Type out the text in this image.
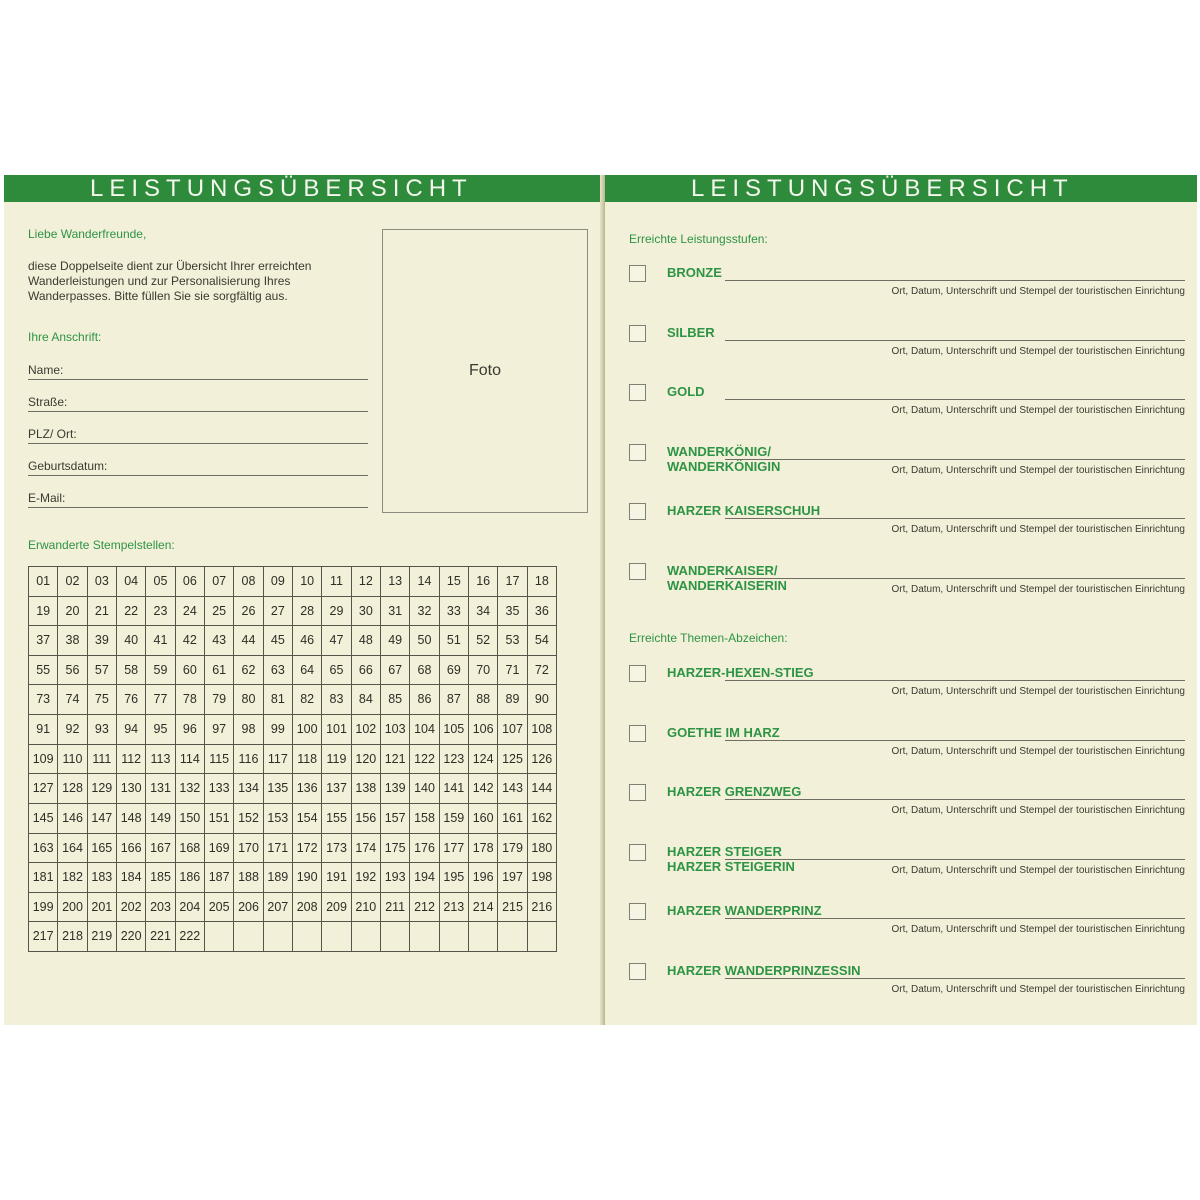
LEISTUNGSÜBERSICHT
Liebe Wanderfreunde,
diese Doppelseite dient zur Übersicht Ihrer erreichten
Wanderleistungen und zur Personalisierung Ihres
Wanderpasses. Bitte füllen Sie sie sorgfältig aus.
Ihre Anschrift:
Name:
Straße:
PLZ/ Ort:
Geburtsdatum:
E-Mail:
Foto
Erwanderte Stempelstellen:
01	02	03	04	05	06	07	08	09	10	11	12	13	14	15	16	17	18
19	20	21	22	23	24	25	26	27	28	29	30	31	32	33	34	35	36
37	38	39	40	41	42	43	44	45	46	47	48	49	50	51	52	53	54
55	56	57	58	59	60	61	62	63	64	65	66	67	68	69	70	71	72
73	74	75	76	77	78	79	80	81	82	83	84	85	86	87	88	89	90
91	92	93	94	95	96	97	98	99 100 101 102 103 104 105 106 107 108
109 110 111 112 113 114 115 116 117 118 119 120 121 122 123 124 125 126
127 128 129 130 131 132 133 134 135 136 137 138 139 140 141 142 143 144
145 146 147 148 149 150 151 152 153 154 155 156 157 158 159 160 161 162
163 164 165 166 167 168 169 170 171 172 173 174 175 176 177 178 179 180
181 182 183 184 185 186 187 188 189 190 191 192 193 194 195 196 197 198
199 200 201 202 203 204 205 206 207 208 209 210 211 212 213 214 215 216
217 218 219 220 221 222
LEISTUNGSÜBERSICHT
Erreichte Leistungsstufen:
BRONZE
Ort, Datum, Unterschrift und Stempel der touristischen Einrichtung
SILBER
Ort, Datum, Unterschrift und Stempel der touristischen Einrichtung
GOLD
Ort, Datum, Unterschrift und Stempel der touristischen Einrichtung
WANDERKÖNIG/
WANDERKÖNIGIN	Ort, Datum, Unterschrift und Stempel der touristischen Einrichtung
HARZER KAISERSCHUH
Ort, Datum, Unterschrift und Stempel der touristischen Einrichtung
WANDERKAISER/
WANDERKAISERIN	Ort, Datum, Unterschrift und Stempel der touristischen Einrichtung
Erreichte Themen-Abzeichen:
HARZER-HEXEN-STIEG
Ort, Datum, Unterschrift und Stempel der touristischen Einrichtung
GOETHE IM HARZ
Ort, Datum, Unterschrift und Stempel der touristischen Einrichtung
HARZER GRENZWEG
Ort, Datum, Unterschrift und Stempel der touristischen Einrichtung
HARZER STEIGER
HARZER STEIGERIN	Ort, Datum, Unterschrift und Stempel der touristischen Einrichtung
HARZER WANDERPRINZ
Ort, Datum, Unterschrift und Stempel der touristischen Einrichtung
HARZER WANDERPRINZESSIN
Ort, Datum, Unterschrift und Stempel der touristischen Einrichtung
